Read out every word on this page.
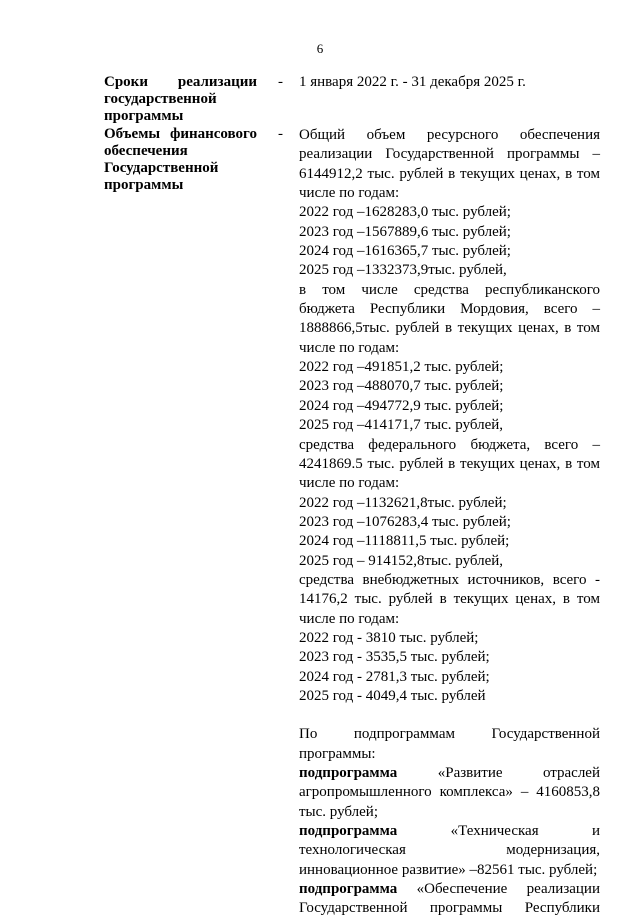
6
Сроки реализации
государственной
программы
- 1 января 2022 г. - 31 декабря 2025 г.
Объемы финансового
обеспечения
Государственной
программы
- Общий объем ресурсного обеспечения
реализации Государственной программы –
6144912,2 тыс. рублей в текущих ценах, в том
числе по годам:
2022 год –1628283,0 тыс. рублей;
2023 год –1567889,6 тыс. рублей;
2024 год –1616365,7 тыс. рублей;
2025 год –1332373,9тыс. рублей,
в том числе средства республиканского
бюджета Республики Мордовия, всего –
1888866,5тыс. рублей в текущих ценах, в том
числе по годам:
2022 год –491851,2 тыс. рублей;
2023 год –488070,7 тыс. рублей;
2024 год –494772,9 тыс. рублей;
2025 год –414171,7 тыс. рублей,
средства федерального бюджета, всего –
4241869.5 тыс. рублей в текущих ценах, в том
числе по годам:
2022 год –1132621,8тыс. рублей;
2023 год –1076283,4 тыс. рублей;
2024 год –1118811,5 тыс. рублей;
2025 год – 914152,8тыс. рублей,
средства внебюджетных источников, всего -
14176,2 тыс. рублей в текущих ценах, в том
числе по годам:
2022 год - 3810 тыс. рублей;
2023 год - 3535,5 тыс. рублей;
2024 год - 2781,3 тыс. рублей;
2025 год - 4049,4 тыс. рублей
По подпрограммам Государственной
программы:
подпрограмма	«Развитие отраслей
агропромышленного комплекса» – 4160853,8
тыс. рублей;
подпрограмма	«Техническая и
технологическая модернизация,
инновационное развитие» –82561 тыс. рублей;
подпрограмма «Обеспечение реализации
Государственной программы Республики
